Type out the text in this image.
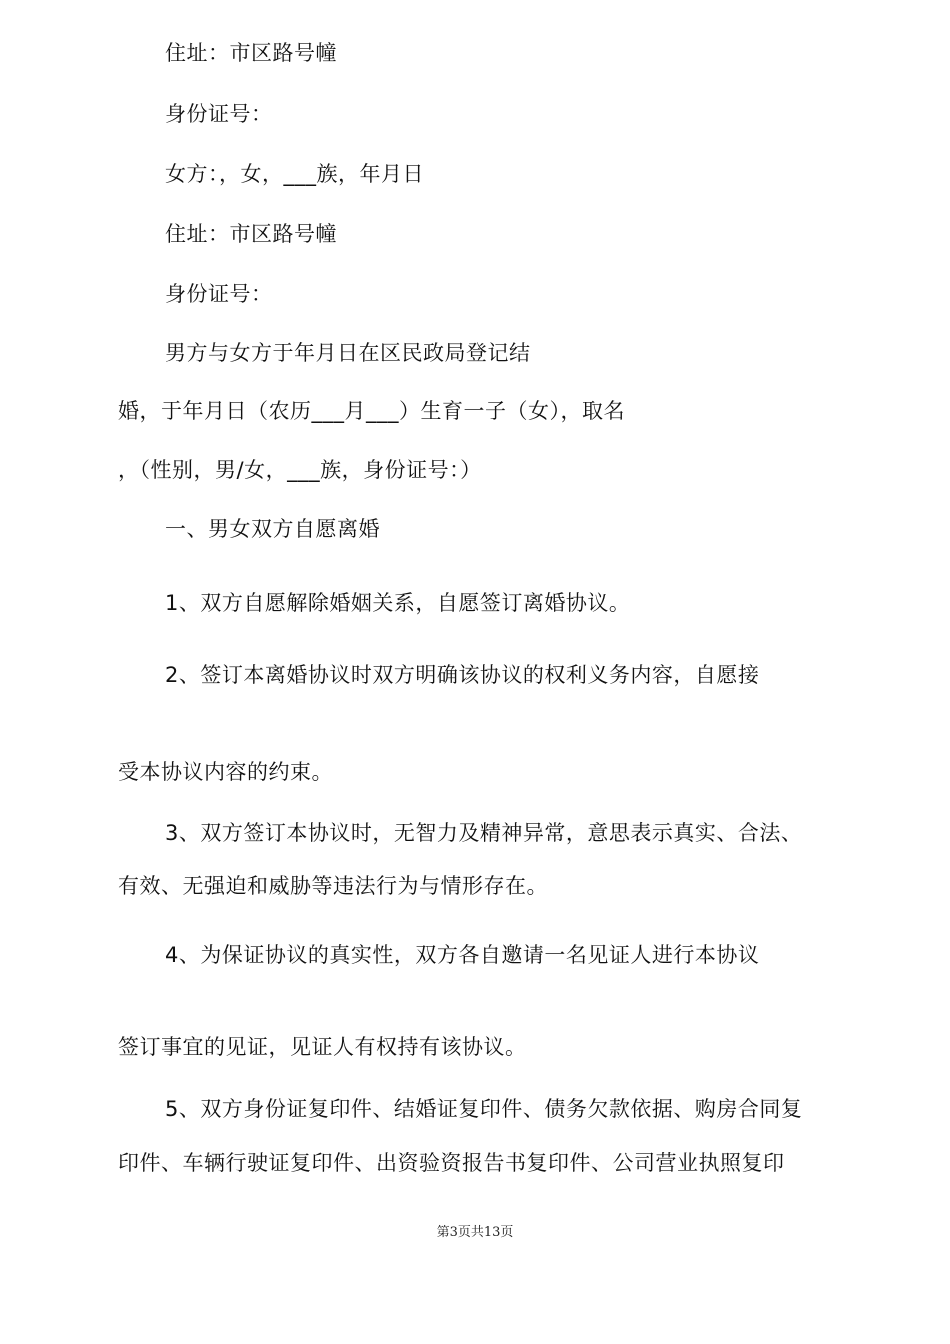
住址：市区路号幢
身份证号：
女方：，女，___族，年月日
住址：市区路号幢
身份证号：
男方与女方于年月日在区民政局登记结
婚，于年月日（农历___月___）生育一子（女），取名
，（性别，男/女，___族，身份证号：）
一、男女双方自愿离婚
1、双方自愿解除婚姻关系，自愿签订离婚协议。
2、签订本离婚协议时双方明确该协议的权利义务内容，自愿接
受本协议内容的约束。
3、双方签订本协议时，无智力及精神异常，意思表示真实、合法、
有效、无强迫和威胁等违法行为与情形存在。
4、为保证协议的真实性，双方各自邀请一名见证人进行本协议
签订事宜的见证，见证人有权持有该协议。
5、双方身份证复印件、结婚证复印件、债务欠款依据、购房合同复
印件、车辆行驶证复印件、出资验资报告书复印件、公司营业执照复印
第3页共13页
